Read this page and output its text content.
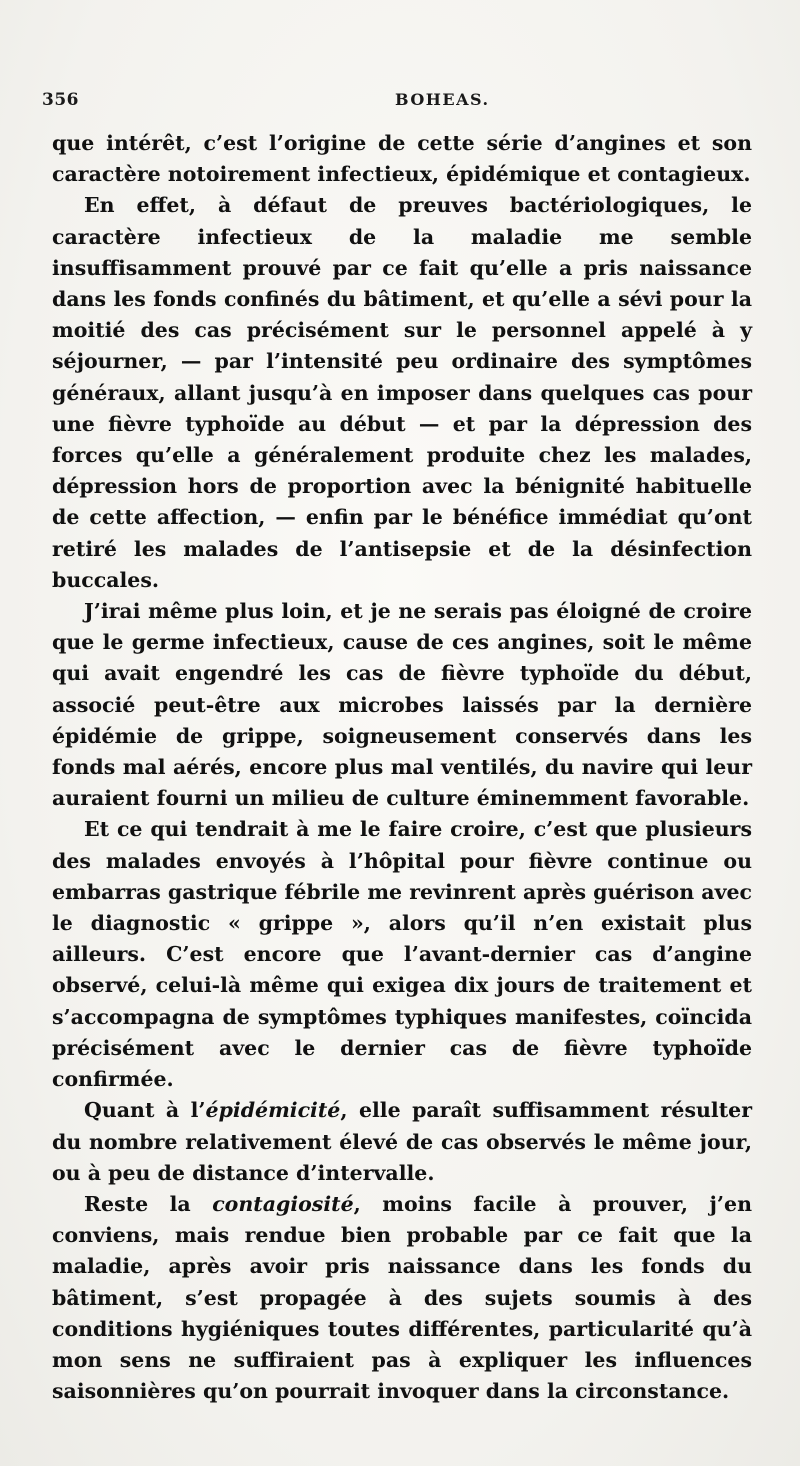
356	BOHEAS.

que intérêt, c’est l’origine de cette série d’angines et son caractère notoirement infectieux, épidémique et contagieux.

En effet, à défaut de preuves bactériologiques, le caractère infectieux de la maladie me semble insuffisamment prouvé par ce fait qu’elle a pris naissance dans les fonds confinés du bâtiment, et qu’elle a sévi pour la moitié des cas précisément sur le personnel appelé à y séjourner, — par l’intensité peu ordinaire des symptômes généraux, allant jusqu’à en imposer dans quelques cas pour une fièvre typhoïde au début — et par la dépression des forces qu’elle a généralement produite chez les malades, dépression hors de proportion avec la bénignité habituelle de cette affection, — enfin par le bénéfice immédiat qu’ont retiré les malades de l’antisepsie et de la désinfection buccales.

J’irai même plus loin, et je ne serais pas éloigné de croire que le germe infectieux, cause de ces angines, soit le même qui avait engendré les cas de fièvre typhoïde du début, associé peut-être aux microbes laissés par la dernière épidémie de grippe, soigneusement conservés dans les fonds mal aérés, encore plus mal ventilés, du navire qui leur auraient fourni un milieu de culture éminemment favorable.

Et ce qui tendrait à me le faire croire, c’est que plusieurs des malades envoyés à l’hôpital pour fièvre continue ou embarras gastrique fébrile me revinrent après guérison avec le diagnostic « grippe », alors qu’il n’en existait plus ailleurs. C’est encore que l’avant-dernier cas d’angine observé, celui-là même qui exigea dix jours de traitement et s’accompagna de symptômes typhiques manifestes, coïncida précisément avec le dernier cas de fièvre typhoïde confirmée.

Quant à l’épidémicité, elle paraît suffisamment résulter du nombre relativement élevé de cas observés le même jour, ou à peu de distance d’intervalle.

Reste la contagiosité, moins facile à prouver, j’en conviens, mais rendue bien probable par ce fait que la maladie, après avoir pris naissance dans les fonds du bâtiment, s’est propagée à des sujets soumis à des conditions hygiéniques toutes différentes, particularité qu’à mon sens ne suffiraient pas à expliquer les influences saisonnières qu’on pourrait invoquer dans la circonstance.
